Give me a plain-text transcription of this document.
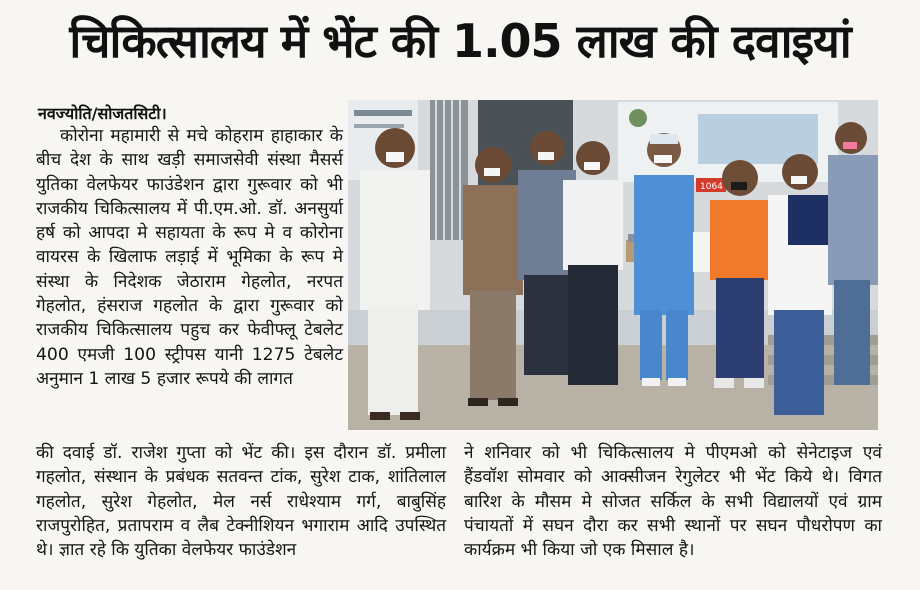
चिकित्सालय में भेंट की 1.05 लाख की दवाइयां
नवज्योति/सोजतसिटी।
कोरोना महामारी से मचे कोहराम हाहाकार के बीच देश के साथ खड़ी समाजसेवी संस्था मैसर्स युतिका वेलफेयर फाउंडेशन द्वारा गुरूवार को भी राजकीय चिकित्सालय में पी.एम.ओ. डॉ. अनसुर्या हर्ष को आपदा मे सहायता के रूप मे व कोरोना वायरस के खिलाफ लड़ाई में भूमिका के रूप मे संस्था के निदेशक जेठाराम गेहलोत, नरपत गेहलोत, हंसराज गहलोत के द्वारा गुरूवार को राजकीय चिकित्सालय पहुच कर फेवीफ्लू टेबलेट 400 एमजी 100 स्ट्रीपस यानी 1275 टेबलेट अनुमान 1 लाख 5 हजार रूपये की लागत
1064
की दवाई डॉ. राजेश गुप्ता को भेंट की। इस दौरान डॉ. प्रमीला गहलोत, संस्थान के प्रबंधक सतवन्त टांक, सुरेश टाक, शांतिलाल गहलोत, सुरेश गेहलोत, मेल नर्स राधेश्याम गर्ग, बाबुसिंह राजपुरोहित, प्रतापराम व लैब टेक्नीशियन भगाराम आदि उपस्थित थे। ज्ञात रहे कि युतिका वेलफेयर फाउंडेशन
ने शनिवार को भी चिकित्सालय मे पीएमओ को सेनेटाइज एवं हैंडवॉश सोमवार को आक्सीजन रेगुलेटर भी भेंट किये थे। विगत बारिश के मौसम मे सोजत सर्किल के सभी विद्यालयों एवं ग्राम पंचायतों में सघन दौरा कर सभी स्थानों पर सघन पौधरोपण का कार्यक्रम भी किया जो एक मिसाल है।
